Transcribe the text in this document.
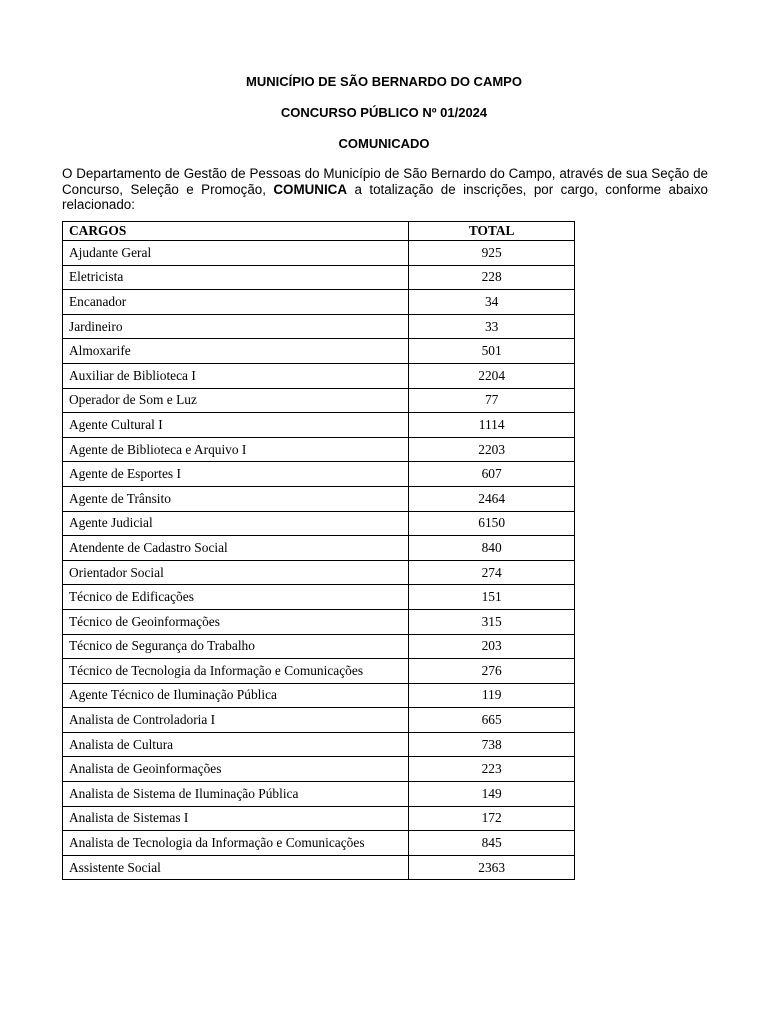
MUNICÍPIO DE SÃO BERNARDO DO CAMPO
CONCURSO PÚBLICO Nº 01/2024
COMUNICADO
O Departamento de Gestão de Pessoas do Município de São Bernardo do Campo, através de sua Seção de Concurso, Seleção e Promoção, COMUNICA a totalização de inscrições, por cargo, conforme abaixo relacionado:
CARGOS	TOTAL
Ajudante Geral	925
Eletricista	228
Encanador	34
Jardineiro	33
Almoxarife	501
Auxiliar de Biblioteca I	2204
Operador de Som e Luz	77
Agente Cultural I	1114
Agente de Biblioteca e Arquivo I	2203
Agente de Esportes I	607
Agente de Trânsito	2464
Agente Judicial	6150
Atendente de Cadastro Social	840
Orientador Social	274
Técnico de Edificações	151
Técnico de Geoinformações	315
Técnico de Segurança do Trabalho	203
Técnico de Tecnologia da Informação e Comunicações	276
Agente Técnico de Iluminação Pública	119
Analista de Controladoria I	665
Analista de Cultura	738
Analista de Geoinformações	223
Analista de Sistema de Iluminação Pública	149
Analista de Sistemas I	172
Analista de Tecnologia da Informação e Comunicações	845
Assistente Social	2363
